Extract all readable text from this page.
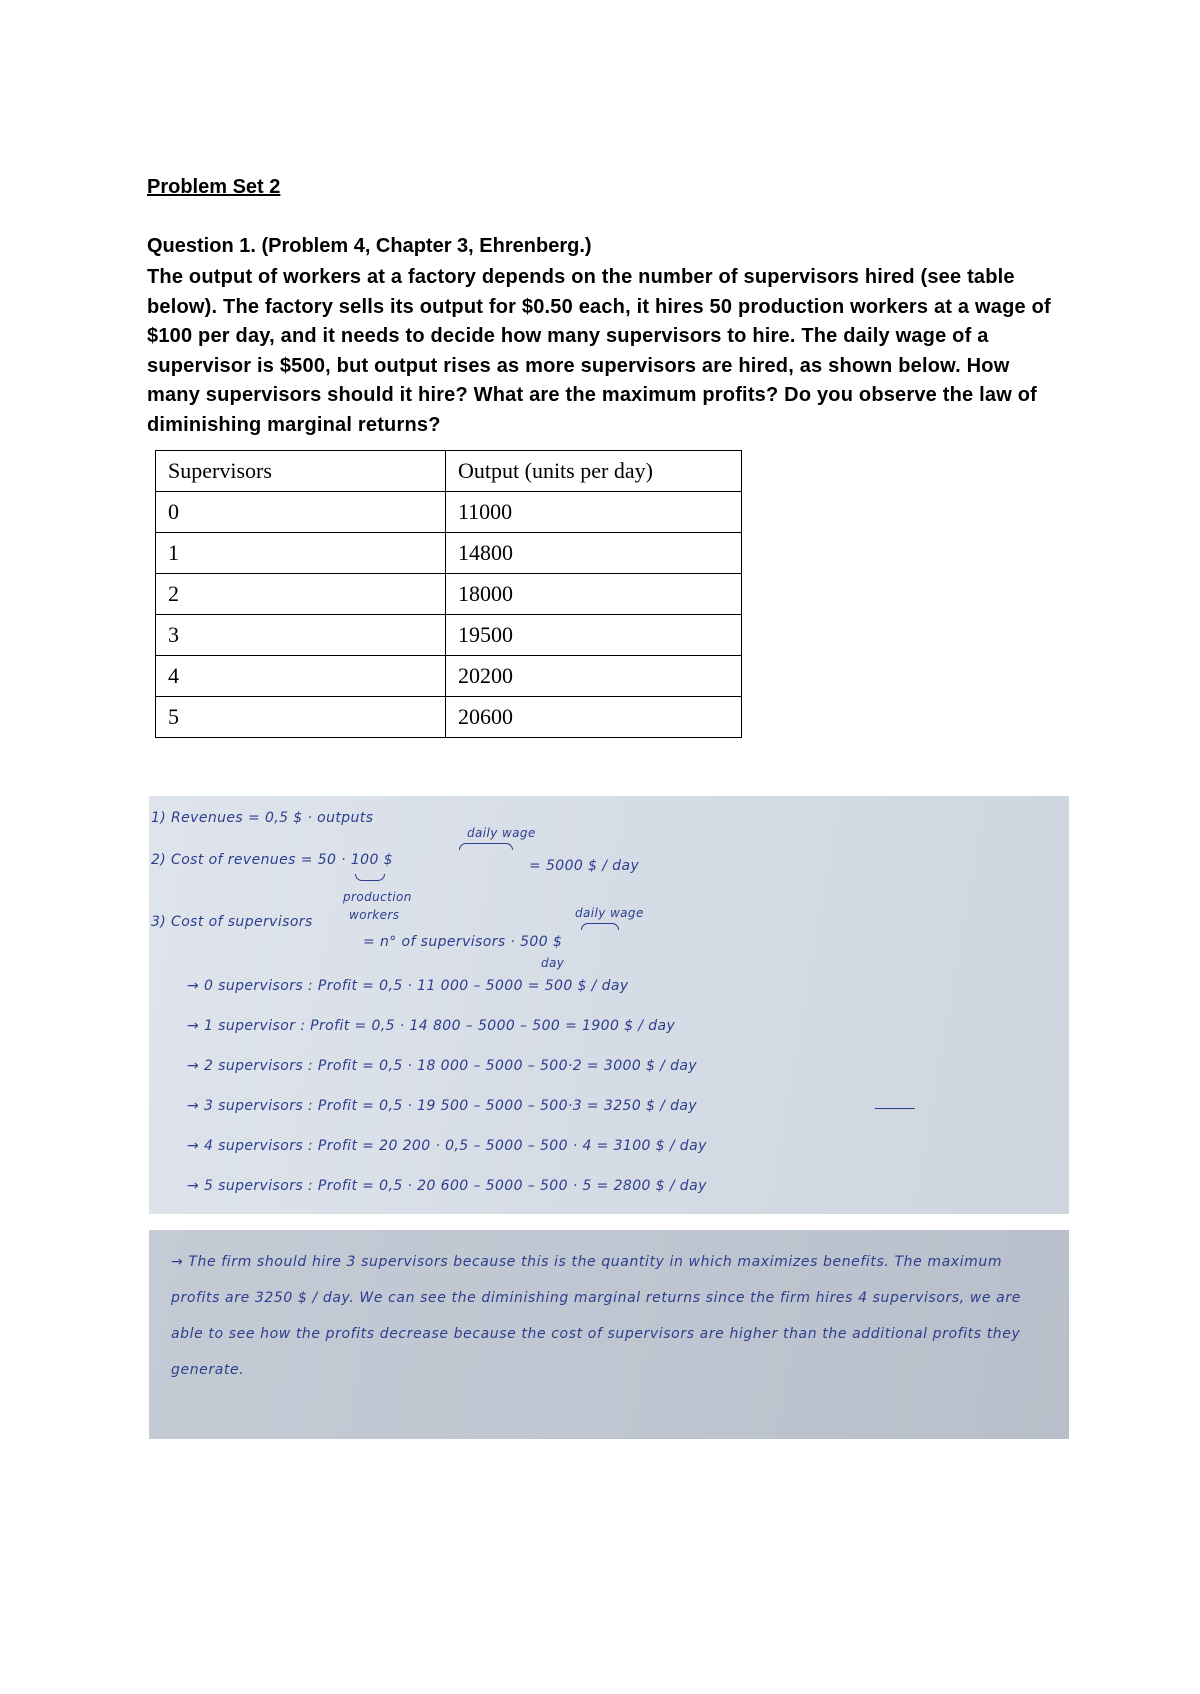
Problem Set 2
Question 1. (Problem 4, Chapter 3, Ehrenberg.)
The output of workers at a factory depends on the number of supervisors hired (see table below). The factory sells its output for $0.50 each, it hires 50 production workers at a wage of $100 per day, and it needs to decide how many supervisors to hire. The daily wage of a supervisor is $500, but output rises as more supervisors are hired, as shown below. How many supervisors should it hire? What are the maximum profits? Do you observe the law of diminishing marginal returns?
Supervisors	Output (units per day)
0	11000
1	14800
2	18000
3	19500
4	20200
5	20600
1) Revenues = 0,5 $ · outputs
daily wage
2) Cost of revenues = 50 · 100 $	= 5000 $ / day
production
workers	daily wage
3) Cost of supervisors
= n° of supervisors · 500 $
day
→ 0 supervisors : Profit = 0,5 · 11 000 – 5000 = 500 $ / day
→ 1 supervisor : Profit = 0,5 · 14 800 – 5000 – 500 = 1900 $ / day
→ 2 supervisors : Profit = 0,5 · 18 000 – 5000 – 500·2 = 3000 $ / day
→ 3 supervisors : Profit = 0,5 · 19 500 – 5000 – 500·3 = 3250 $ / day
→ 4 supervisors : Profit = 20 200 · 0,5 – 5000 – 500 · 4 = 3100 $ / day
→ 5 supervisors : Profit = 0,5 · 20 600 – 5000 – 500 · 5 = 2800 $ / day
→ The firm should hire 3 supervisors because this is the quantity in which maximizes benefits. The maximum profits are 3250 $ / day. We can see the diminishing marginal returns since the firm hires 4 supervisors, we are able to see how the profits decrease because the cost of supervisors are higher than the additional profits they generate.
